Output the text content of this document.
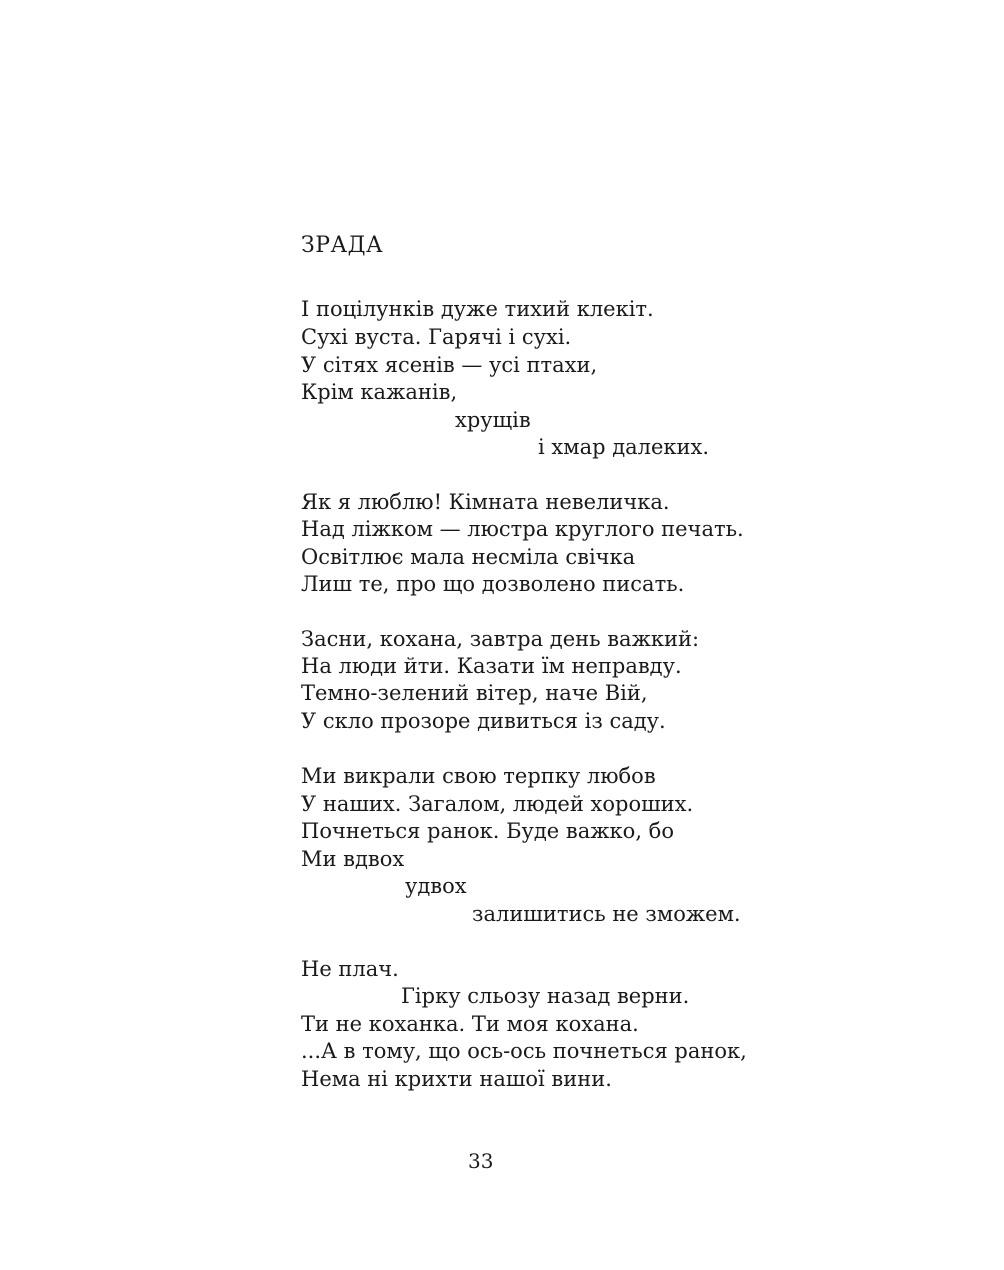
ЗРАДА
І поцілунків дуже тихий клекіт.
Сухі вуста. Гарячі і сухі.
У сітях ясенів — усі птахи,
Крім кажанів,
хрущів
і хмар далеких.
Як я люблю! Кімната невеличка.
Над ліжком — люстра круглого печать.
Освітлює мала несміла свічка
Лиш те, про що дозволено писать.
Засни, кохана, завтра день важкий:
На люди йти. Казати їм неправду.
Темно-зелений вітер, наче Вій,
У скло прозоре дивиться із саду.
Ми викрали свою терпку любов
У наших. Загалом, людей хороших.
Почнеться ранок. Буде важко, бо
Ми вдвох
удвох
залишитись не зможем.
Не плач.
Гірку сльозу назад верни.
Ти не коханка. Ти моя кохана.
...А в тому, що ось-ось почнеться ранок,
Нема ні крихти нашої вини.
33
